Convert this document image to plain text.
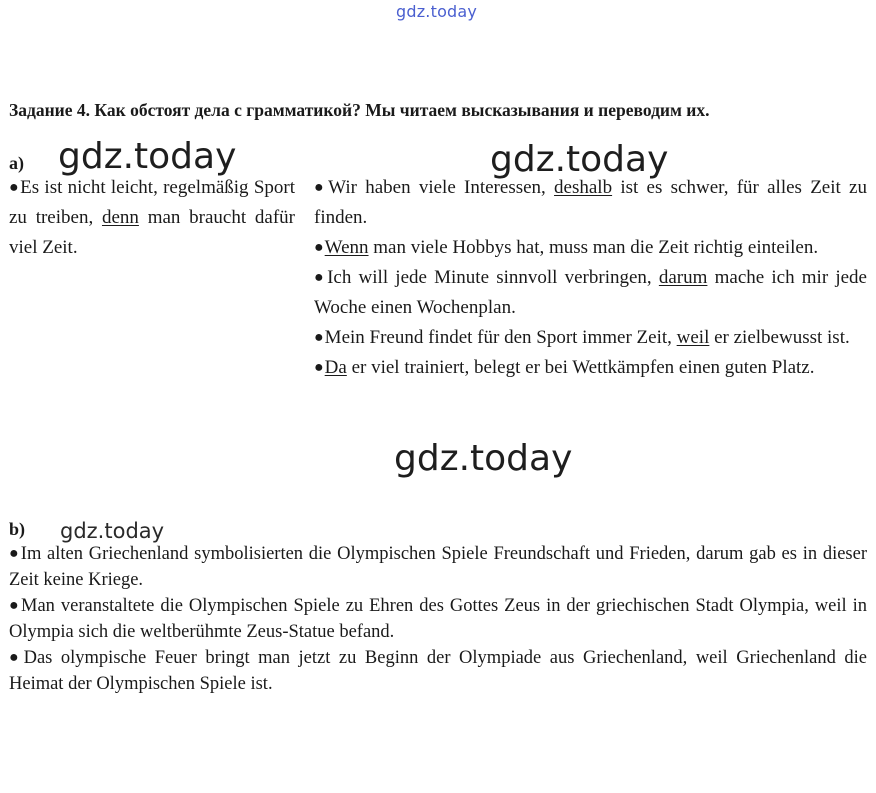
gdz.today
Задание 4. Как обстоят дела с грамматикой? Мы читаем высказывания и переводим их.
a)

●Es ist nicht leicht, regelmäßig Sport zu treiben, denn man braucht dafür viel Zeit.

●Wir haben viele Interessen, deshalb ist es schwer, für alles Zeit zu finden.

●Wenn man viele Hobbys hat, muss man die Zeit richtig einteilen.

●Ich will jede Minute sinnvoll verbringen, darum mache ich mir jede Woche einen Wochenplan.

●Mein Freund findet für den Sport immer Zeit, weil er zielbewusst ist.

●Da er viel trainiert, belegt er bei Wettkämpfen einen guten Platz.

b)

●Im alten Griechenland symbolisierten die Olympischen Spiele Freundschaft und Frieden, darum gab es in dieser Zeit keine Kriege.

●Man veranstaltete die Olympischen Spiele zu Ehren des Gottes Zeus in der griechischen Stadt Olympia, weil in Olympia sich die weltberühmte Zeus-Statue befand.

●Das olympische Feuer bringt man jetzt zu Beginn der Olympiade aus Griechenland, weil Griechenland die Heimat der Olympischen Spiele ist.

gdz.today	gdz.today
gdz.today
gdz.today
